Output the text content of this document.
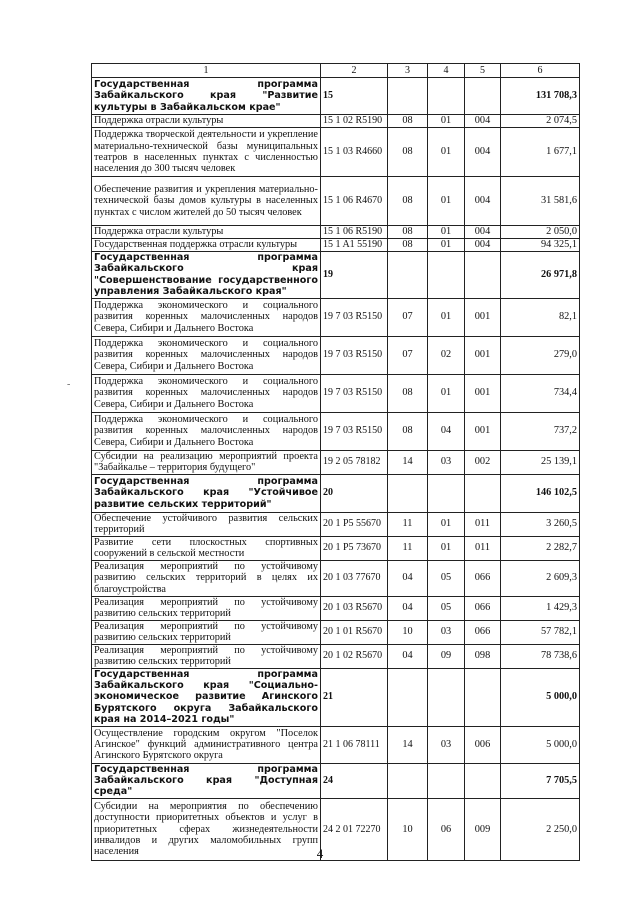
-
1	2	3	4	5	6
Государственная программа Забайкальского края "Развитие культуры в Забайкальском крае"	15				131 708,3
Поддержка отрасли культуры	15 1 02 R5190	08	01	004	2 074,5
Поддержка творческой деятельности и укрепление материально-технической базы муниципальных театров в населенных пунктах с численностью населения до 300 тысяч человек	15 1 03 R4660	08	01	004	1 677,1
Обеспечение развития и укрепления материально-технической базы домов культуры в населенных пунктах с числом жителей до 50 тысяч человек	15 1 06 R4670	08	01	004	31 581,6
Поддержка отрасли культуры	15 1 06 R5190	08	01	004	2 050,0
Государственная поддержка отрасли культуры	15 1 A1 55190	08	01	004	94 325,1
Государственная программа Забайкальского края "Совершенствование государственного управления Забайкальского края"	19				26 971,8
Поддержка экономического и социального развития коренных малочисленных народов Севера, Сибири и Дальнего Востока	19 7 03 R5150	07	01	001	82,1
Поддержка экономического и социального развития коренных малочисленных народов Севера, Сибири и Дальнего Востока	19 7 03 R5150	07	02	001	279,0
Поддержка экономического и социального развития коренных малочисленных народов Севера, Сибири и Дальнего Востока	19 7 03 R5150	08	01	001	734,4
Поддержка экономического и социального развития коренных малочисленных народов Севера, Сибири и Дальнего Востока	19 7 03 R5150	08	04	001	737,2
Субсидии на реализацию мероприятий проекта "Забайкалье – территория будущего"	19 2 05 78182	14	03	002	25 139,1
Государственная программа Забайкальского края "Устойчивое развитие сельских территорий"	20				146 102,5
Обеспечение устойчивого развития сельских территорий	20 1 P5 55670	11	01	011	3 260,5
Развитие сети плоскостных спортивных сооружений в сельской местности	20 1 P5 73670	11	01	011	2 282,7
Реализация мероприятий по устойчивому развитию сельских территорий в целях их благоустройства	20 1 03 77670	04	05	066	2 609,3
Реализация мероприятий по устойчивому развитию сельских территорий	20 1 03 R5670	04	05	066	1 429,3
Реализация мероприятий по устойчивому развитию сельских территорий	20 1 01 R5670	10	03	066	57 782,1
Реализация мероприятий по устойчивому развитию сельских территорий	20 1 02 R5670	04	09	098	78 738,6
Государственная программа Забайкальского края "Социально-экономическое развитие Агинского Бурятского округа Забайкальского края на 2014–2021 годы"	21				5 000,0
Осуществление городским округом "Поселок Агинское" функций административного центра Агинского Бурятского округа	21 1 06 78111	14	03	006	5 000,0
Государственная программа Забайкальского края "Доступная среда"	24				7 705,5
Субсидии на мероприятия по обеспечению доступности приоритетных объектов и услуг в приоритетных сферах жизнедеятельности инвалидов и других маломобильных групп населения	24 2 01 72270	10	06	009	2 250,0
4
